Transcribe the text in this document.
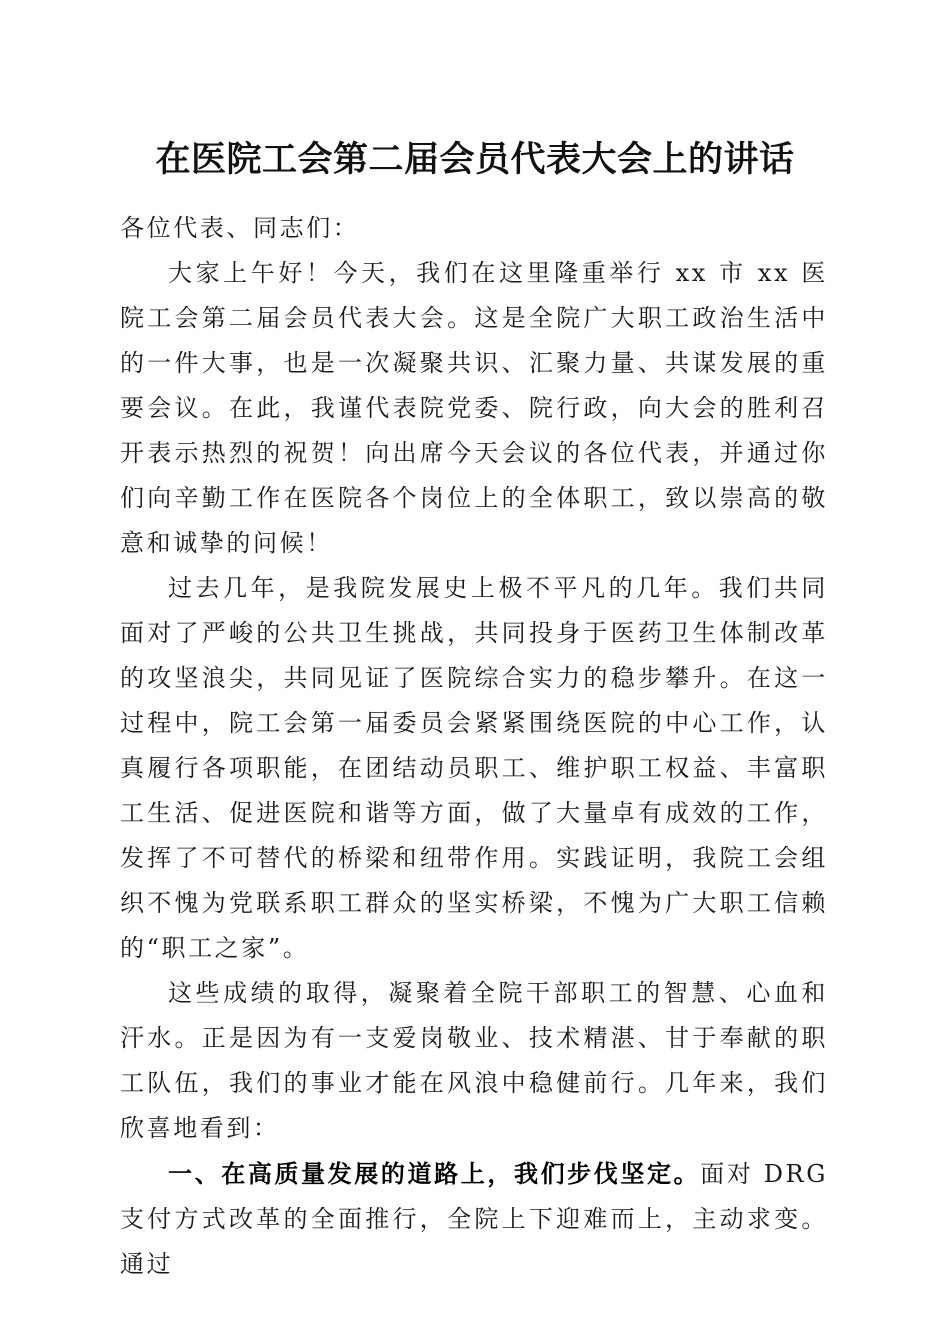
在医院工会第二届会员代表大会上的讲话

各位代表、同志们：

大家上午好！今天，我们在这里隆重举行 xx 市 xx 医院工会第二届会员代表大会。这是全院广大职工政治生活中的一件大事，也是一次凝聚共识、汇聚力量、共谋发展的重要会议。在此，我谨代表院党委、院行政，向大会的胜利召开表示热烈的祝贺！向出席今天会议的各位代表，并通过你们向辛勤工作在医院各个岗位上的全体职工，致以崇高的敬意和诚挚的问候！

过去几年，是我院发展史上极不平凡的几年。我们共同面对了严峻的公共卫生挑战，共同投身于医药卫生体制改革的攻坚浪尖，共同见证了医院综合实力的稳步攀升。在这一过程中，院工会第一届委员会紧紧围绕医院的中心工作，认真履行各项职能，在团结动员职工、维护职工权益、丰富职工生活、促进医院和谐等方面，做了大量卓有成效的工作，发挥了不可替代的桥梁和纽带作用。实践证明，我院工会组织不愧为党联系职工群众的坚实桥梁，不愧为广大职工信赖的“职工之家”。

这些成绩的取得，凝聚着全院干部职工的智慧、心血和汗水。正是因为有一支爱岗敬业、技术精湛、甘于奉献的职工队伍，我们的事业才能在风浪中稳健前行。几年来，我们欣喜地看到：

一、在高质量发展的道路上，我们步伐坚定。面对 DRG 支付方式改革的全面推行，全院上下迎难而上，主动求变。通过
